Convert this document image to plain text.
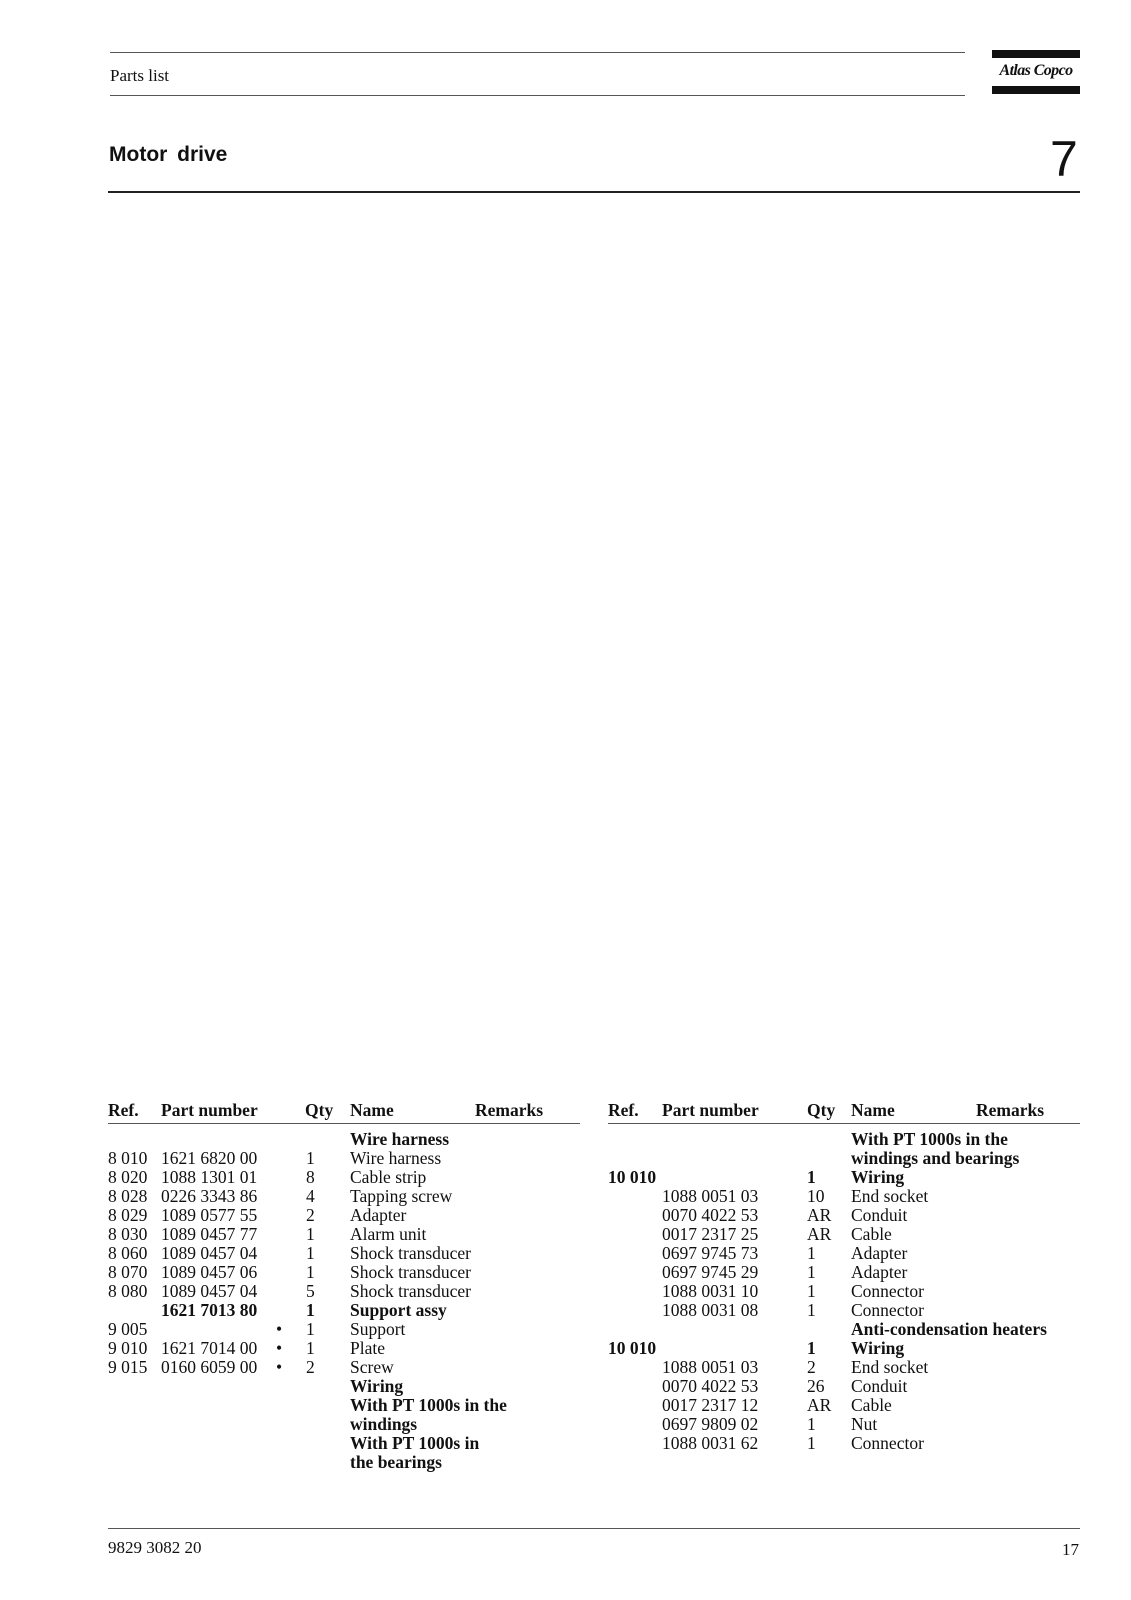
Parts list	Atlas Copco
Motor drive	7
Ref. Part number	Qty Name	Remarks
Wire harness
8 010 1621 6820 00	1 Wire harness
8 020 1088 1301 01	8 Cable strip
8 028 0226 3343 86	4 Tapping screw
8 029 1089 0577 55	2 Adapter
8 030 1089 0457 77	1 Alarm unit
8 060 1089 0457 04	1 Shock transducer
8 070 1089 0457 06	1 Shock transducer
8 080 1089 0457 04	5 Shock transducer
1621 7013 80	1 Support assy
9 005	• 1 Support
9 010 1621 7014 00 • 1 Plate
9 015 0160 6059 00 • 2 Screw
Wiring
With PT 1000s in the
windings
With PT 1000s in
the bearings
Ref. Part number	Qty Name	Remarks
With PT 1000s in the
windings and bearings
10 010	1 Wiring
1088 0051 03	10 End socket
0070 4022 53	AR Conduit
0017 2317 25	AR Cable
0697 9745 73	1 Adapter
0697 9745 29	1 Adapter
1088 0031 10	1 Connector
1088 0031 08	1 Connector
Anti-condensation heaters
10 010	1 Wiring
1088 0051 03	2 End socket
0070 4022 53	26 Conduit
0017 2317 12	AR Cable
0697 9809 02	1 Nut
1088 0031 62	1 Connector
9829 3082 20	17
